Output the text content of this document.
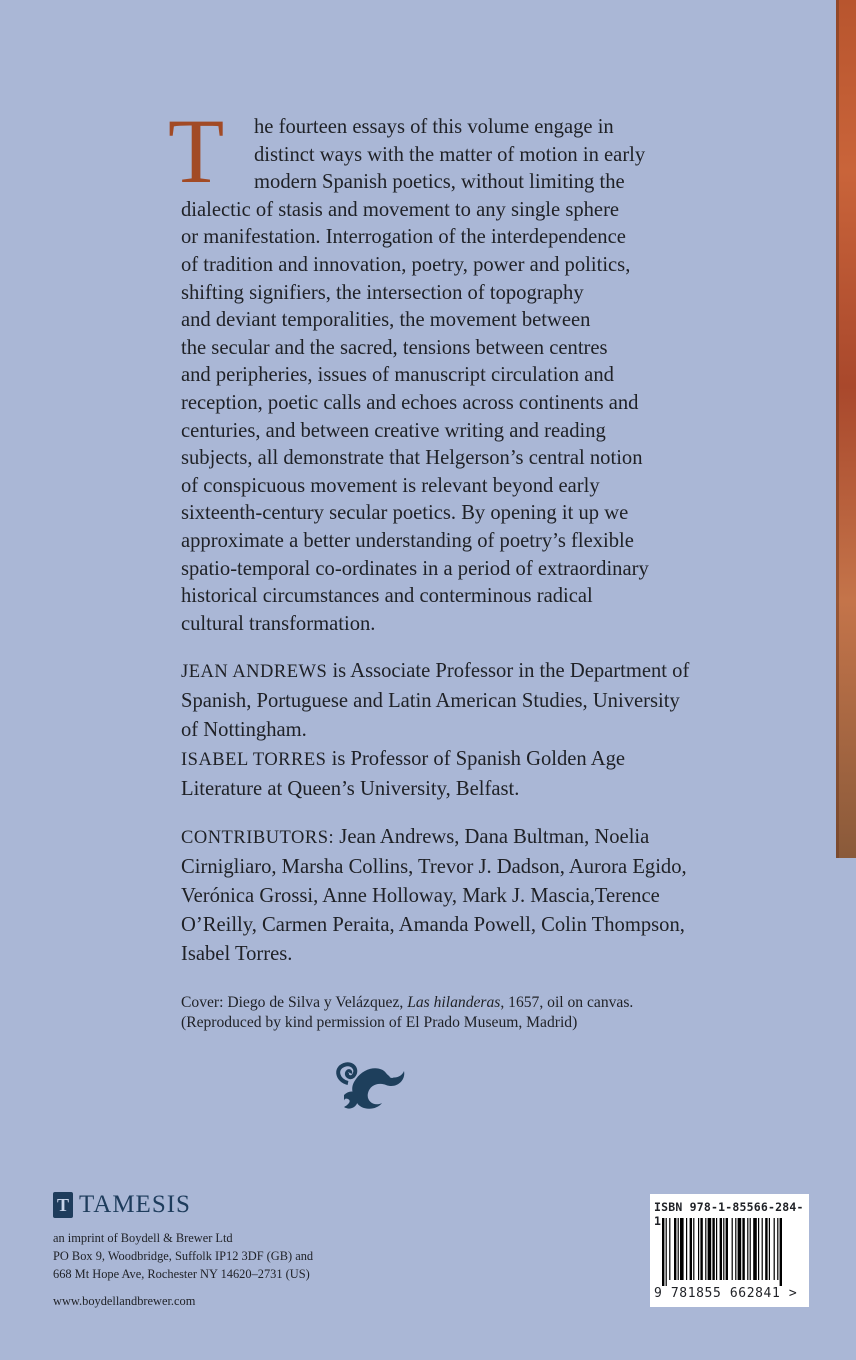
T	he fourteen essays of this volume engage in
distinct ways with the matter of motion in early
modern Spanish poetics, without limiting the
dialectic of stasis and movement to any single sphere
or manifestation. Interrogation of the interdependence
of tradition and innovation, poetry, power and politics,
shifting signifiers, the intersection of topography
and deviant temporalities, the movement between
the secular and the sacred, tensions between centres
and peripheries, issues of manuscript circulation and
reception, poetic calls and echoes across continents and
centuries, and between creative writing and reading
subjects, all demonstrate that Helgerson’s central notion
of conspicuous movement is relevant beyond early
sixteenth-century secular poetics. By opening it up we
approximate a better understanding of poetry’s flexible
spatio-temporal co-ordinates in a period of extraordinary
historical circumstances and conterminous radical
cultural transformation.

JEAN ANDREWS is Associate Professor in the Department of Spanish, Portuguese and Latin American Studies, University of Nottingham.
ISABEL TORRES is Professor of Spanish Golden Age Literature at Queen’s University, Belfast.
CONTRIBUTORS: Jean Andrews, Dana Bultman, Noelia Cirnigliaro, Marsha Collins, Trevor J. Dadson, Aurora Egido, Verónica Grossi, Anne Holloway, Mark J. Mascia,Terence O’Reilly, Carmen Peraita, Amanda Powell, Colin Thompson, Isabel Torres.
Cover: Diego de Silva y Velázquez, Las hilanderas, 1657, oil on canvas. (Reproduced by kind permission of El Prado Museum, Madrid)
T TAMESIS
an imprint of Boydell & Brewer Ltd
PO Box 9, Woodbridge, Suffolk IP12 3DF (GB) and
668 Mt Hope Ave, Rochester NY 14620–2731 (US)
www.boydellandbrewer.com
ISBN 978-1-85566-284-1
9 781855 662841 >
